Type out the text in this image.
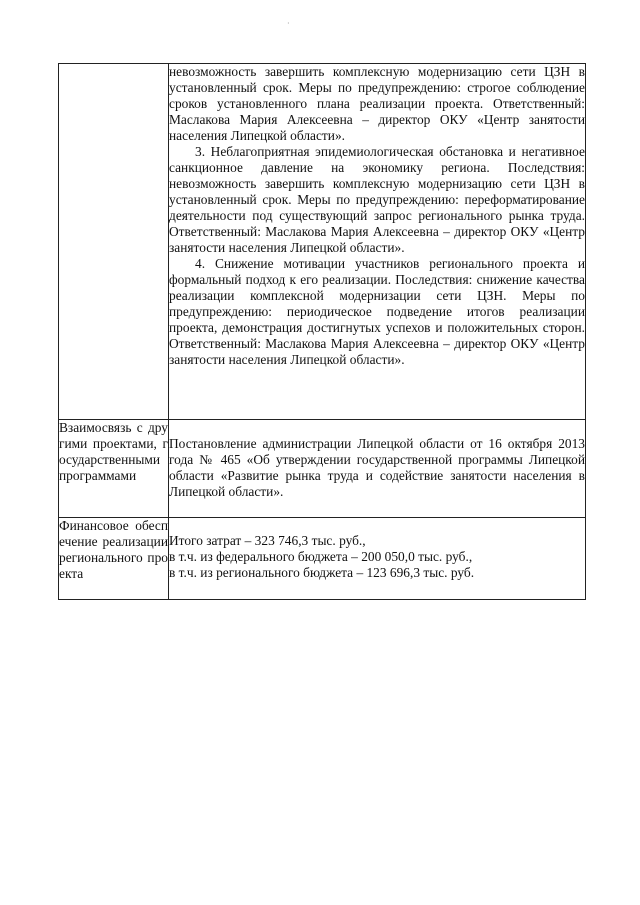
·

	невозможность завершить комплексную модернизацию сети ЦЗН в установленный срок. Меры по предупреждению: строгое соблюдение сроков установленного плана реализации проекта. Ответственный: Маслакова Мария Алексеевна – директор ОКУ «Центр занятости населения Липецкой области».

3. Неблагоприятная эпидемиологическая обстановка и негативное санкционное давление на экономику региона. Последствия: невозможность завершить комплексную модернизацию сети ЦЗН в установленный срок. Меры по предупреждению: переформатирование деятельности под существующий запрос регионального рынка труда. Ответственный: Маслакова Мария Алексеевна – директор ОКУ «Центр занятости населения Липецкой области».

4. Снижение мотивации участников регионального проекта и формальный подход к его реализации. Последствия: снижение качества реализации комплексной модернизации сети ЦЗН. Меры по предупреждению: периодическое подведение итогов реализации проекта, демонстрация достигнутых успехов и положительных сторон. Ответственный: Маслакова Мария Алексеевна – директор ОКУ «Центр занятости населения Липецкой области».

Взаимосвязь с другими проектами, государственными программами	Постановление администрации Липецкой области от 16 октября 2013 года № 465 «Об утверждении государственной программы Липецкой области «Развитие рынка труда и содействие занятости населения в Липецкой области».

Финансовое обеспечение реализации регионального проекта	Итого затрат – 323 746,3 тыс. руб.,
в т.ч. из федерального бюджета – 200 050,0 тыс. руб.,
в т.ч. из регионального бюджета – 123 696,3 тыс. руб.
